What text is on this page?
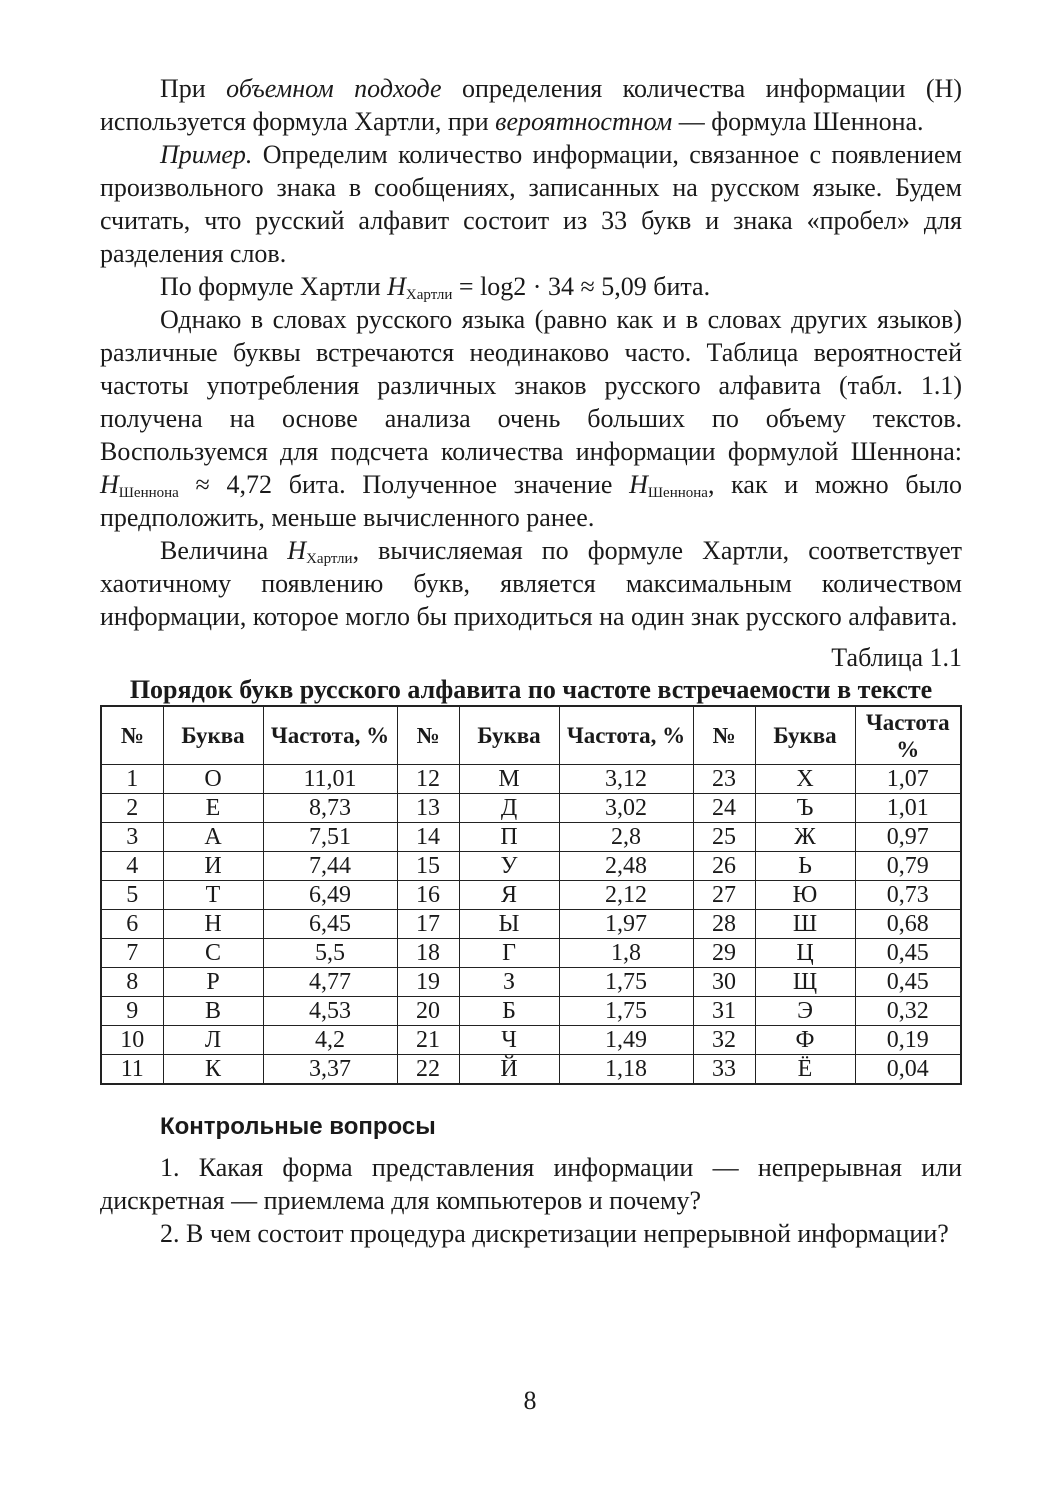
При объемном подходе определения количества информации (Н) используется формула Хартли, при вероятностном — формула Шеннона.

Пример. Определим количество информации, связанное с появлением произвольного знака в сообщениях, записанных на русском языке. Будем считать, что русский алфавит состоит из 33 букв и знака «пробел» для разделения слов.

По формуле Хартли $H_{Хартли} = \log 2 \cdot 34 \approx 5,09$ бита.

Однако в словах русского языка (равно как и в словах других языков) различные буквы встречаются неодинаково часто. Таблица вероятностей частоты употребления различных знаков русского алфавита (табл. 1.1) получена на основе анализа очень больших по объему текстов. Воспользуемся для подсчета количества информации формулой Шеннона: $H_{Шеннона} \approx 4,72$ бита. Полученное значение $H_{Шеннона}$, как и можно было предположить, меньше вычисленного ранее.

Величина $H_{Хартли}$, вычисляемая по формуле Хартли, соответствует хаотичному появлению букв, является максимальным количеством информации, которое могло бы приходиться на один знак русского алфавита.

Таблица 1.1
Порядок букв русского алфавита по частоте встречаемости в тексте
№	Буква	Частота, %	№	Буква	Частота, %	№	Буква	Частота %
1	О	11,01	12	М	3,12	23	Х	1,07
2	Е	8,73	13	Д	3,02	24	Ъ	1,01
3	А	7,51	14	П	2,8	25	Ж	0,97
4	И	7,44	15	У	2,48	26	Ь	0,79
5	Т	6,49	16	Я	2,12	27	Ю	0,73
6	Н	6,45	17	Ы	1,97	28	Ш	0,68
7	С	5,5	18	Г	1,8	29	Ц	0,45
8	Р	4,77	19	З	1,75	30	Щ	0,45
9	В	4,53	20	Б	1,75	31	Э	0,32
10	Л	4,2	21	Ч	1,49	32	Ф	0,19
11	К	3,37	22	Й	1,18	33	Ё	0,04
Контрольные вопросы

1. Какая форма представления информации — непрерывная или дискретная — приемлема для компьютеров и почему?

2. В чем состоит процедура дискретизации непрерывной информации?

8
